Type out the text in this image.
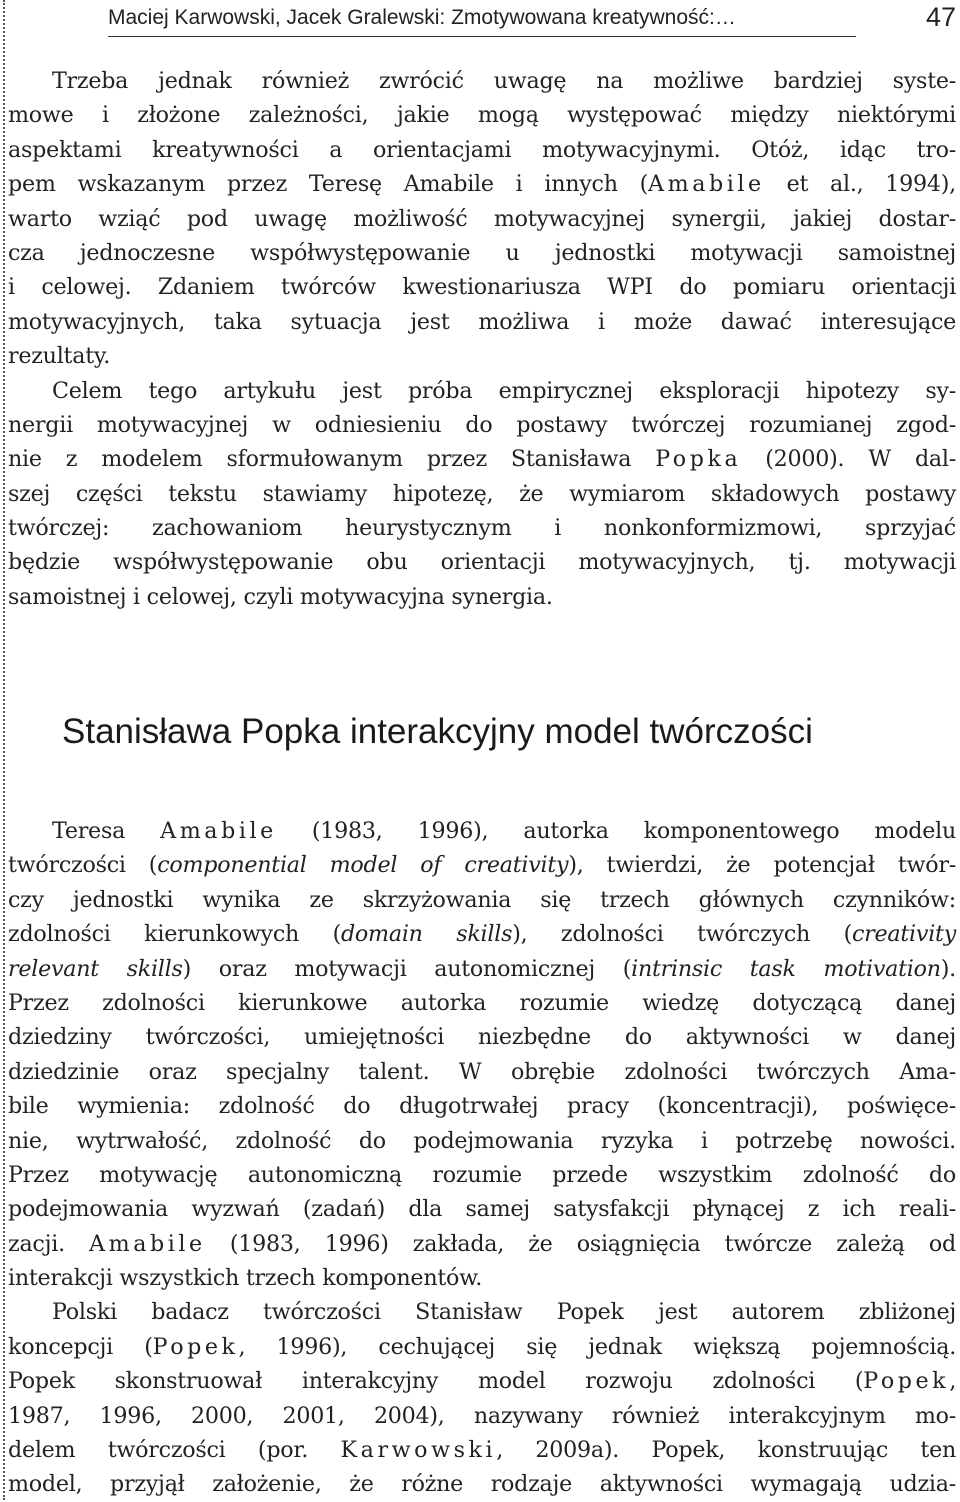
Maciej Karwowski, Jacek Gralewski: Zmotywowana kreatywność:…	47
Trzeba jednak również zwrócić uwagę na możliwe bardziej syste-
mowe i złożone zależności, jakie mogą występować między niektórymi
aspektami kreatywności a orientacjami motywacyjnymi. Otóż, idąc tro-
pem wskazanym przez Teresę Amabile i innych (Amabile et al., 1994),
warto wziąć pod uwagę możliwość motywacyjnej synergii, jakiej dostar-
cza jednoczesne współwystępowanie u jednostki motywacji samoistnej
i celowej. Zdaniem twórców kwestionariusza WPI do pomiaru orientacji
motywacyjnych, taka sytuacja jest możliwa i może dawać interesujące
rezultaty.
Celem tego artykułu jest próba empirycznej eksploracji hipotezy sy-
nergii motywacyjnej w odniesieniu do postawy twórczej rozumianej zgod-
nie z modelem sformułowanym przez Stanisława Popka (2000). W dal-
szej części tekstu stawiamy hipotezę, że wymiarom składowych postawy
twórczej: zachowaniom heurystycznym i nonkonformizmowi, sprzyjać
będzie współwystępowanie obu orientacji motywacyjnych, tj. motywacji
samoistnej i celowej, czyli motywacyjna synergia.
Stanisława Popka interakcyjny model twórczości
Teresa Amabile (1983, 1996), autorka komponentowego modelu
twórczości (componential model of creativity), twierdzi, że potencjał twór-
czy jednostki wynika ze skrzyżowania się trzech głównych czynników:
zdolności kierunkowych (domain skills), zdolności twórczych (creativity
relevant skills) oraz motywacji autonomicznej (intrinsic task motivation).
Przez zdolności kierunkowe autorka rozumie wiedzę dotyczącą danej
dziedziny twórczości, umiejętności niezbędne do aktywności w danej
dziedzinie oraz specjalny talent. W obrębie zdolności twórczych Ama-
bile wymienia: zdolność do długotrwałej pracy (koncentracji), poświęce-
nie, wytrwałość, zdolność do podejmowania ryzyka i potrzebę nowości.
Przez motywację autonomiczną rozumie przede wszystkim zdolność do
podejmowania wyzwań (zadań) dla samej satysfakcji płynącej z ich reali-
zacji. Amabile (1983, 1996) zakłada, że osiągnięcia twórcze zależą od
interakcji wszystkich trzech komponentów.
Polski badacz twórczości Stanisław Popek jest autorem zbliżonej
koncepcji (Popek, 1996), cechującej się jednak większą pojemnością.
Popek skonstruował interakcyjny model rozwoju zdolności (Popek,
1987, 1996, 2000, 2001, 2004), nazywany również interakcyjnym mo-
delem twórczości (por. Karwowski, 2009a). Popek, konstruując ten
model, przyjął założenie, że różne rodzaje aktywności wymagają udzia-
